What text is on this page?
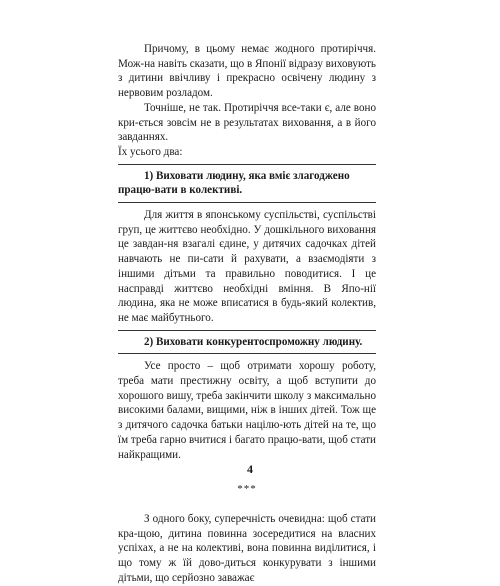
Причому, в цьому немає жодного протиріччя. Мож-на навіть сказати, що в Японії відразу виховують з дитини ввічливу і прекрасно освічену людину з нервовим розладом.

Точніше, не так. Протиріччя все-таки є, але воно кри-ється зовсім не в результатах виховання, а в його завданнях.

Їх усього два:

1) Виховати людину, яка вміє злагоджено працю-вати в колективі.

Для життя в японському суспільстві, суспільстві груп, це життєво необхідно. У дошкільного виховання це завдан-ня взагалі єдине, у дитячих садочках дітей навчають не пи-сати й рахувати, а взаємодіяти з іншими дітьми та правильно поводитися. І це насправді життєво необхідні вміння. В Япо-нії людина, яка не може вписатися в будь-який колектив, не має майбутнього.

2) Виховати конкурентоспроможну людину.

Усе просто – щоб отримати хорошу роботу, треба мати престижну освіту, а щоб вступити до хорошого вишу, треба закінчити школу з максимально високими балами, вищими, ніж в інших дітей. Тож ще з дитячого садочка батьки націлю-ють дітей на те, що їм треба гарно вчитися і багато працю-вати, щоб стати найкращими.

***

З одного боку, суперечність очевидна: щоб стати кра-щою, дитина повинна зосередитися на власних успіхах, а не на колективі, вона повинна виділитися, і що тому ж їй дово-диться конкурувати з іншими дітьми, що серйозно заважає

4
